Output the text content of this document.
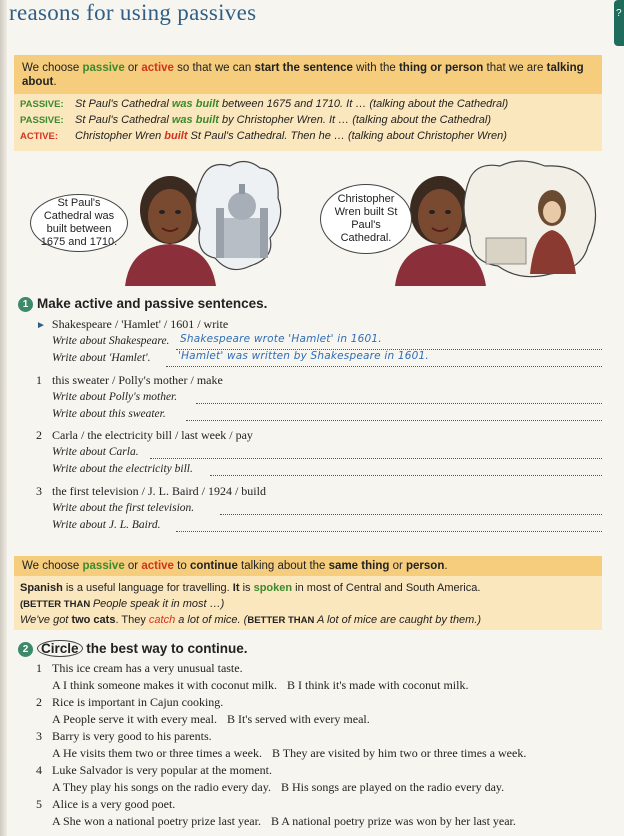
?
reasons for using passives
We choose passive or active so that we can start the sentence with the thing or person that we are talking about.
PASSIVE: St Paul's Cathedral was built between 1675 and 1710. It … (talking about the Cathedral)
PASSIVE: St Paul's Cathedral was built by Christopher Wren. It … (talking about the Cathedral)
ACTIVE: Christopher Wren built St Paul's Cathedral. Then he … (talking about Christopher Wren)
St Paul's Cathedral was built between 1675 and 1710.
Christopher Wren built St Paul's Cathedral.
1 Make active and passive sentences.
► Shakespeare / 'Hamlet' / 1601 / write
Write about Shakespeare. Shakespeare wrote 'Hamlet' in 1601.
Write about 'Hamlet'.	'Hamlet' was written by Shakespeare in 1601.
1 this sweater / Polly's mother / make
Write about Polly's mother.
Write about this sweater.
2 Carla / the electricity bill / last week / pay
Write about Carla.
Write about the electricity bill.
3 the first television / J. L. Baird / 1924 / build
Write about the first television.
Write about J. L. Baird.
We choose passive or active to continue talking about the same thing or person.
Spanish is a useful language for travelling. It is spoken in most of Central and South America.
(BETTER THAN People speak it in most …)
We've got two cats. They catch a lot of mice. (BETTER THAN A lot of mice are caught by them.)
2 Circle the best way to continue.
1 This ice cream has a very unusual taste.
A I think someone makes it with coconut milk. B I think it's made with coconut milk.
2 Rice is important in Cajun cooking.
A People serve it with every meal. B It's served with every meal.
3 Barry is very good to his parents.
A He visits them two or three times a week. B They are visited by him two or three times a week.
4 Luke Salvador is very popular at the moment.
A They play his songs on the radio every day. B His songs are played on the radio every day.
5 Alice is a very good poet.
A She won a national poetry prize last year. B A national poetry prize was won by her last year.
